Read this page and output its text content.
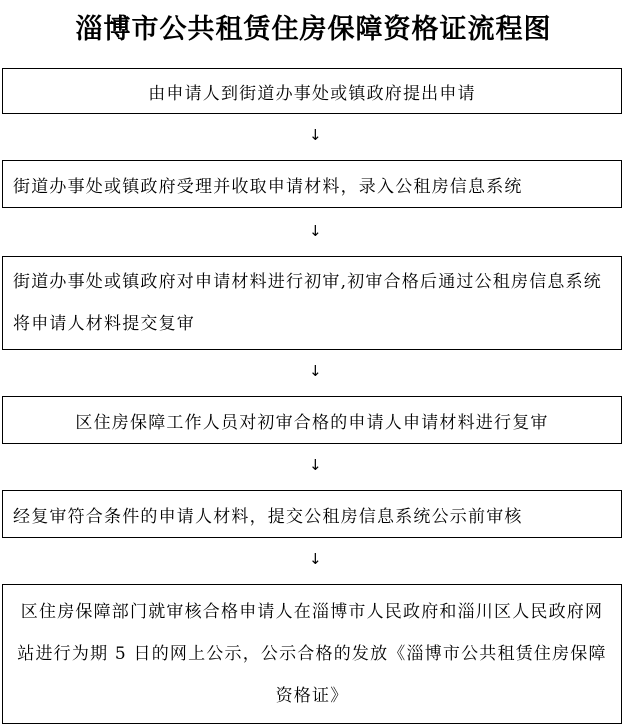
淄博市公共租赁住房保障资格证流程图
由申请人到街道办事处或镇政府提出申请
↓
街道办事处或镇政府受理并收取申请材料，录入公租房信息系统
↓
街道办事处或镇政府对申请材料进行初审,初审合格后通过公租房信息系统将申请人材料提交复审
↓
区住房保障工作人员对初审合格的申请人申请材料进行复审
↓
经复审符合条件的申请人材料，提交公租房信息系统公示前审核
↓
区住房保障部门就审核合格申请人在淄博市人民政府和淄川区人民政府网站进行为期 5 日的网上公示，公示合格的发放《淄博市公共租赁住房保障资格证》
